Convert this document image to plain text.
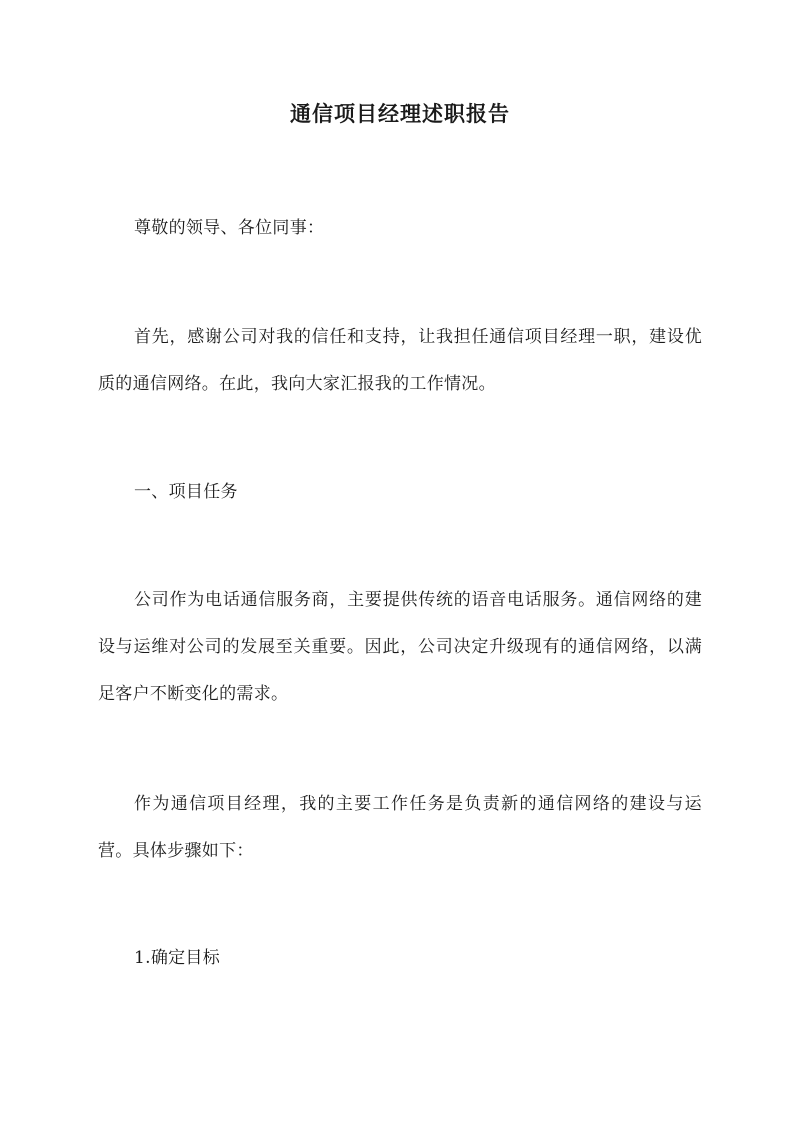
通信项目经理述职报告

尊敬的领导、各位同事：

首先，感谢公司对我的信任和支持，让我担任通信项目经理一职，建设优质的通信网络。在此，我向大家汇报我的工作情况。

一、项目任务

公司作为电话通信服务商，主要提供传统的语音电话服务。通信网络的建设与运维对公司的发展至关重要。因此，公司决定升级现有的通信网络，以满足客户不断变化的需求。

作为通信项目经理，我的主要工作任务是负责新的通信网络的建设与运营。具体步骤如下：

1.确定目标
